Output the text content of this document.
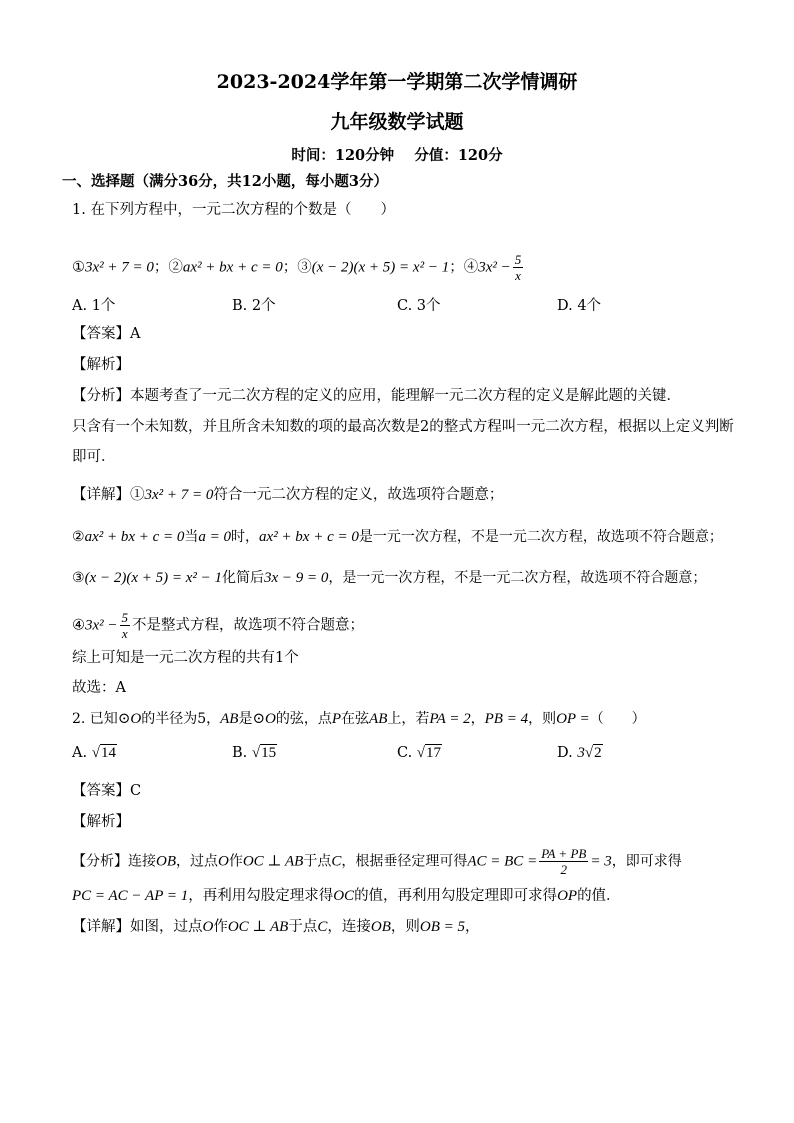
2023-2024学年第一学期第二次学情调研
九年级数学试题
时间：120分钟    分值：120分
一、选择题（满分36分，共12小题，每小题3分）
1. 在下列方程中，一元二次方程的个数是（　　）
①3x² + 7 = 0；②ax² + bx + c = 0；③(x − 2)(x + 5) = x² − 1；④3x² − $\frac{5}{x}$
A. 1个	B. 2个	C. 3个	D. 4个
【答案】A
【解析】
【分析】本题考查了一元二次方程的定义的应用，能理解一元二次方程的定义是解此题的关键．
只含有一个未知数，并且所含未知数的项的最高次数是2的整式方程叫一元二次方程，根据以上定义判断
即可．
【详解】①3x² + 7 = 0符合一元二次方程的定义，故选项符合题意；
②ax² + bx + c = 0当a = 0时，ax² + bx + c = 0是一元一次方程，不是一元二次方程，故选项不符合题意；
③(x − 2)(x + 5) = x² − 1化简后3x − 9 = 0，是一元一次方程，不是一元二次方程，故选项不符合题意；
④3x² − $\frac{5}{x}$ 不是整式方程，故选项不符合题意；
综上可知是一元二次方程的共有1个
故选：A
2. 已知⊙O的半径为5，AB是⊙O的弦，点P在弦AB上，若PA = 2，PB = 4，则OP =（　　）
A. √14	B. √15	C. √17	D. 3√2
【答案】C
【解析】
【分析】连接OB，过点O作OC ⊥ AB于点C，根据垂径定理可得AC = BC = $\frac{PA + PB}{2} = 3$，即可求得
PC = AC − AP = 1，再利用勾股定理求得OC的值，再利用勾股定理即可求得OP的值．
【详解】如图，过点O作OC ⊥ AB于点C，连接OB，则OB = 5，
